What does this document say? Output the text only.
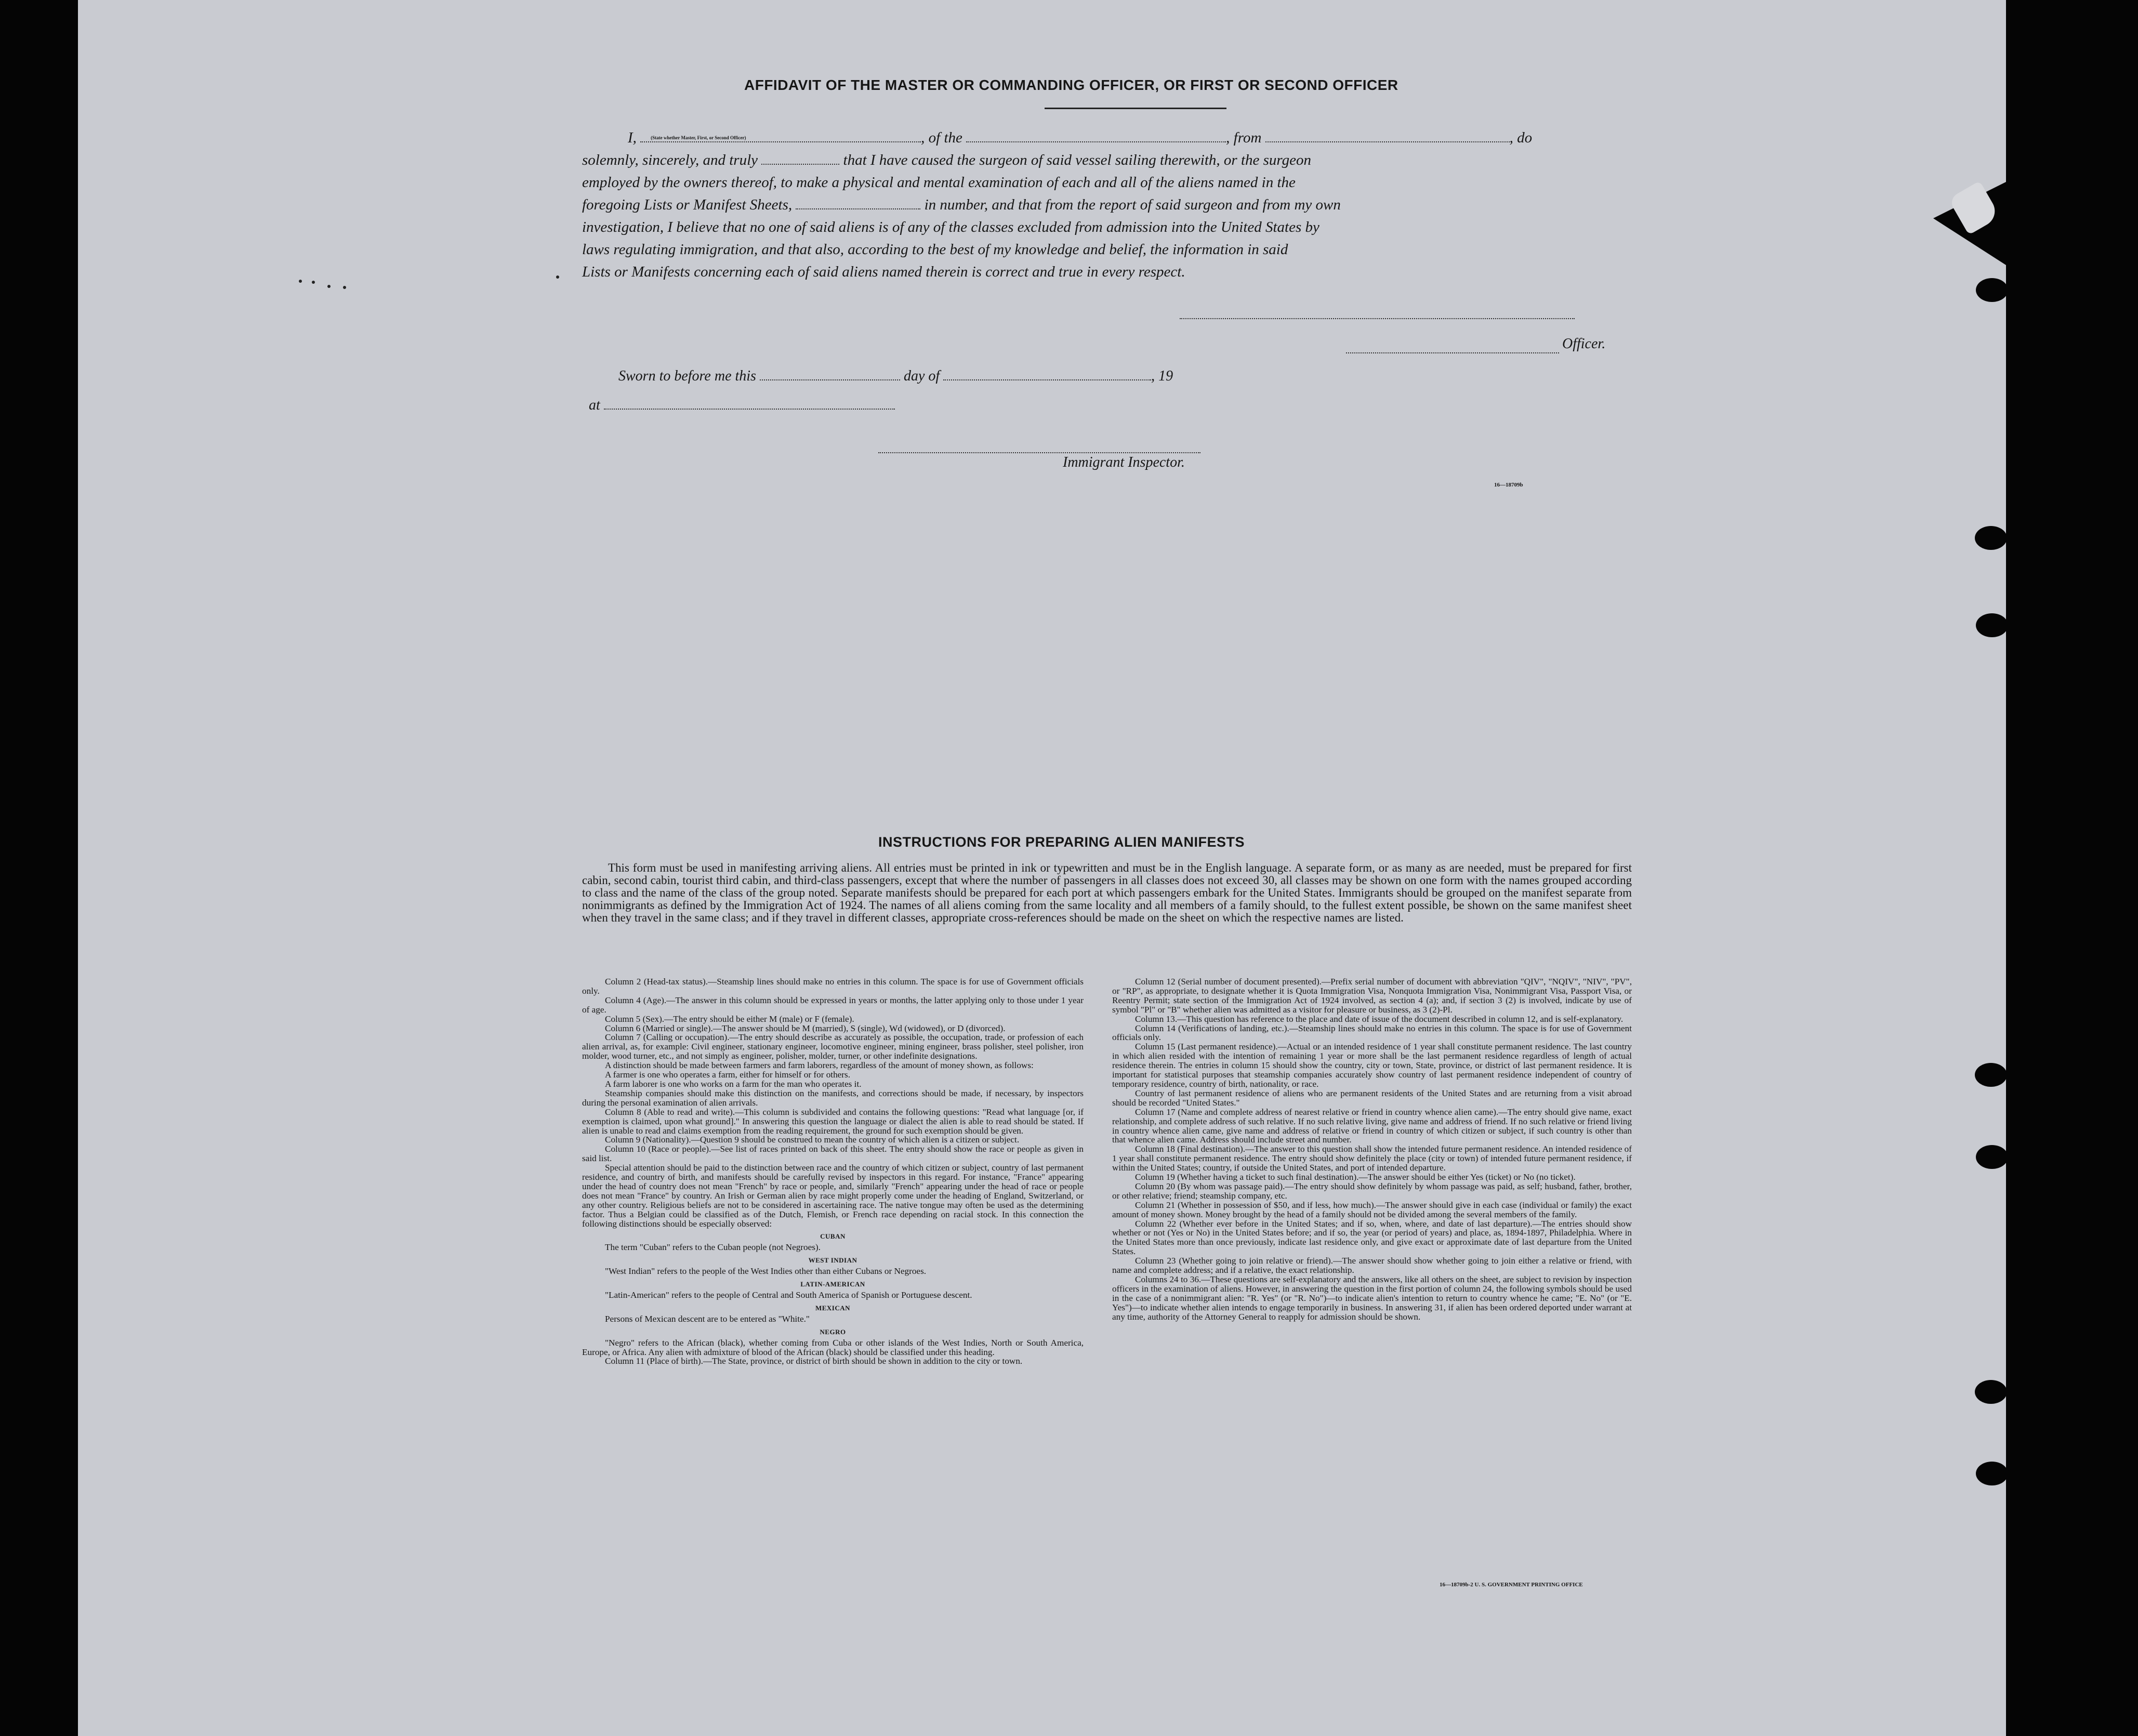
AFFIDAVIT OF THE MASTER OR COMMANDING OFFICER, OR FIRST OR SECOND OFFICER
I,	(State whether Master, First, or Second Officer)	, of the	, from	, do
solemnly, sincerely, and truly	that I have caused the surgeon of said vessel sailing therewith, or the surgeon
employed by the owners thereof, to make a physical and mental examination of each and all of the aliens named in the
foregoing Lists or Manifest Sheets,	in number, and that from the report of said surgeon and from my own
investigation, I believe that no one of said aliens is of any of the classes excluded from admission into the United States by
laws regulating immigration, and that also, according to the best of my knowledge and belief, the information in said
Lists or Manifests concerning each of said aliens named therein is correct and true in every respect.
Officer.
Sworn to before me this	day of	, 19
at
Immigrant Inspector.
16—18709b
INSTRUCTIONS FOR PREPARING ALIEN MANIFESTS

This form must be used in manifesting arriving aliens. All entries must be printed in ink or typewritten and must be in the English language. A separate form, or as many as are needed, must be prepared for first cabin, second cabin, tourist third cabin, and third-class passengers, except that where the number of passengers in all classes does not exceed 30, all classes may be shown on one form with the names grouped according to class and the name of the class of the group noted. Separate manifests should be prepared for each port at which passengers embark for the United States. Immigrants should be grouped on the manifest separate from nonimmigrants as defined by the Immigration Act of 1924. The names of all aliens coming from the same locality and all members of a family should, to the fullest extent possible, be shown on the same manifest sheet when they travel in the same class; and if they travel in different classes, appropriate cross-references should be made on the sheet on which the respective names are listed.

Column 2 (Head-tax status).—Steamship lines should make no entries in this column. The space is for use of Government officials only.

Column 4 (Age).—The answer in this column should be expressed in years or months, the latter applying only to those under 1 year of age.

Column 5 (Sex).—The entry should be either M (male) or F (female).

Column 6 (Married or single).—The answer should be M (married), S (single), Wd (widowed), or D (divorced).

Column 7 (Calling or occupation).—The entry should describe as accurately as possible, the occupation, trade, or profession of each alien arrival, as, for example: Civil engineer, stationary engineer, locomotive engineer, mining engineer, brass polisher, steel polisher, iron molder, wood turner, etc., and not simply as engineer, polisher, molder, turner, or other indefinite designations.

A distinction should be made between farmers and farm laborers, regardless of the amount of money shown, as follows:

A farmer is one who operates a farm, either for himself or for others.

A farm laborer is one who works on a farm for the man who operates it.

Steamship companies should make this distinction on the manifests, and corrections should be made, if necessary, by inspectors during the personal examination of alien arrivals.

Column 8 (Able to read and write).—This column is subdivided and contains the following questions: "Read what language [or, if exemption is claimed, upon what ground]." In answering this question the language or dialect the alien is able to read should be stated. If alien is unable to read and claims exemption from the reading requirement, the ground for such exemption should be given.

Column 9 (Nationality).—Question 9 should be construed to mean the country of which alien is a citizen or subject.

Column 10 (Race or people).—See list of races printed on back of this sheet. The entry should show the race or people as given in said list.

Special attention should be paid to the distinction between race and the country of which citizen or subject, country of last permanent residence, and country of birth, and manifests should be carefully revised by inspectors in this regard. For instance, "France" appearing under the head of country does not mean "French" by race or people, and, similarly "French" appearing under the head of race or people does not mean "France" by country. An Irish or German alien by race might properly come under the heading of England, Switzerland, or any other country. Religious beliefs are not to be considered in ascertaining race. The native tongue may often be used as the determining factor. Thus a Belgian could be classified as of the Dutch, Flemish, or French race depending on racial stock. In this connection the following distinctions should be especially observed:

CUBAN

The term "Cuban" refers to the Cuban people (not Negroes).

WEST INDIAN

"West Indian" refers to the people of the West Indies other than either Cubans or Negroes.

LATIN-AMERICAN

"Latin-American" refers to the people of Central and South America of Spanish or Portuguese descent.

MEXICAN

Persons of Mexican descent are to be entered as "White."

NEGRO

"Negro" refers to the African (black), whether coming from Cuba or other islands of the West Indies, North or South America, Europe, or Africa. Any alien with admixture of blood of the African (black) should be classified under this heading.

Column 11 (Place of birth).—The State, province, or district of birth should be shown in addition to the city or town.

Column 12 (Serial number of document presented).—Prefix serial number of document with abbreviation "QIV", "NQIV", "NIV", "PV", or "RP", as appropriate, to designate whether it is Quota Immigration Visa, Nonquota Immigration Visa, Nonimmigrant Visa, Passport Visa, or Reentry Permit; state section of the Immigration Act of 1924 involved, as section 4 (a); and, if section 3 (2) is involved, indicate by use of symbol "Pl" or "B" whether alien was admitted as a visitor for pleasure or business, as 3 (2)-Pl.

Column 13.—This question has reference to the place and date of issue of the document described in column 12, and is self-explanatory.

Column 14 (Verifications of landing, etc.).—Steamship lines should make no entries in this column. The space is for use of Government officials only.

Column 15 (Last permanent residence).—Actual or an intended residence of 1 year shall constitute permanent residence. The last country in which alien resided with the intention of remaining 1 year or more shall be the last permanent residence regardless of length of actual residence therein. The entries in column 15 should show the country, city or town, State, province, or district of last permanent residence. It is important for statistical purposes that steamship companies accurately show country of last permanent residence independent of country of temporary residence, country of birth, nationality, or race.

Country of last permanent residence of aliens who are permanent residents of the United States and are returning from a visit abroad should be recorded "United States."

Column 17 (Name and complete address of nearest relative or friend in country whence alien came).—The entry should give name, exact relationship, and complete address of such relative. If no such relative living, give name and address of friend. If no such relative or friend living in country whence alien came, give name and address of relative or friend in country of which citizen or subject, if such country is other than that whence alien came. Address should include street and number.

Column 18 (Final destination).—The answer to this question shall show the intended future permanent residence. An intended residence of 1 year shall constitute permanent residence. The entry should show definitely the place (city or town) of intended future permanent residence, if within the United States; country, if outside the United States, and port of intended departure.

Column 19 (Whether having a ticket to such final destination).—The answer should be either Yes (ticket) or No (no ticket).

Column 20 (By whom was passage paid).—The entry should show definitely by whom passage was paid, as self; husband, father, brother, or other relative; friend; steamship company, etc.

Column 21 (Whether in possession of $50, and if less, how much).—The answer should give in each case (individual or family) the exact amount of money shown. Money brought by the head of a family should not be divided among the several members of the family.

Column 22 (Whether ever before in the United States; and if so, when, where, and date of last departure).—The entries should show whether or not (Yes or No) in the United States before; and if so, the year (or period of years) and place, as, 1894-1897, Philadelphia. Where in the United States more than once previously, indicate last residence only, and give exact or approximate date of last departure from the United States.

Column 23 (Whether going to join relative or friend).—The answer should show whether going to join either a relative or friend, with name and complete address; and if a relative, the exact relationship.

Columns 24 to 36.—These questions are self-explanatory and the answers, like all others on the sheet, are subject to revision by inspection officers in the examination of aliens. However, in answering the question in the first portion of column 24, the following symbols should be used in the case of a nonimmigrant alien: "R. Yes" (or "R. No")—to indicate alien's intention to return to country whence he came; "E. No" (or "E. Yes")—to indicate whether alien intends to engage temporarily in business. In answering 31, if alien has been ordered deported under warrant at any time, authority of the Attorney General to reapply for admission should be shown.

16—18709b-2 U. S. GOVERNMENT PRINTING OFFICE
